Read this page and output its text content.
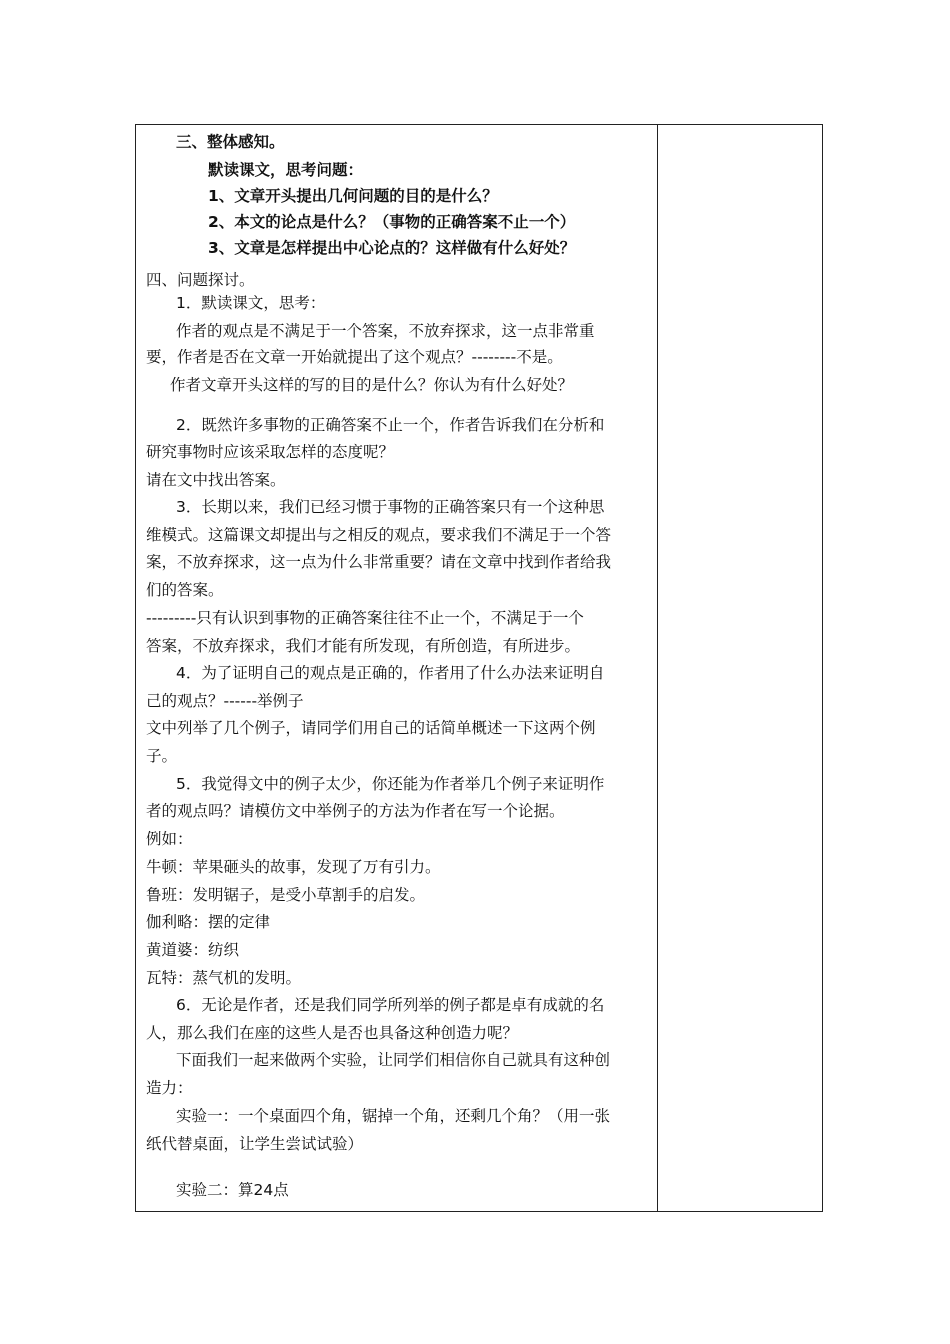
三、整体感知。
默读课文，思考问题：
1、文章开头提出几何问题的目的是什么？
2、本文的论点是什么？（事物的正确答案不止一个）
3、文章是怎样提出中心论点的？这样做有什么好处？
四、问题探讨。
1．默读课文，思考：
作者的观点是不满足于一个答案，不放弃探求，这一点非常重
要，作者是否在文章一开始就提出了这个观点？--------不是。
作者文章开头这样的写的目的是什么？你认为有什么好处？
2．既然许多事物的正确答案不止一个，作者告诉我们在分析和
研究事物时应该采取怎样的态度呢？
请在文中找出答案。
3．长期以来，我们已经习惯于事物的正确答案只有一个这种思
维模式。这篇课文却提出与之相反的观点，要求我们不满足于一个答
案，不放弃探求，这一点为什么非常重要？请在文章中找到作者给我
们的答案。
---------只有认识到事物的正确答案往往不止一个，不满足于一个
答案，不放弃探求，我们才能有所发现，有所创造，有所进步。
4．为了证明自己的观点是正确的，作者用了什么办法来证明自
己的观点？------举例子
文中列举了几个例子，请同学们用自己的话简单概述一下这两个例
子。
5．我觉得文中的例子太少，你还能为作者举几个例子来证明作
者的观点吗？请模仿文中举例子的方法为作者在写一个论据。
例如：
牛顿：苹果砸头的故事，发现了万有引力。
鲁班：发明锯子，是受小草割手的启发。
伽利略：摆的定律
黄道婆：纺织
瓦特：蒸气机的发明。
6．无论是作者，还是我们同学所列举的例子都是卓有成就的名
人，那么我们在座的这些人是否也具备这种创造力呢？
下面我们一起来做两个实验，让同学们相信你自己就具有这种创
造力：
实验一：一个桌面四个角，锯掉一个角，还剩几个角？（用一张
纸代替桌面，让学生尝试试验）
实验二：算24点
